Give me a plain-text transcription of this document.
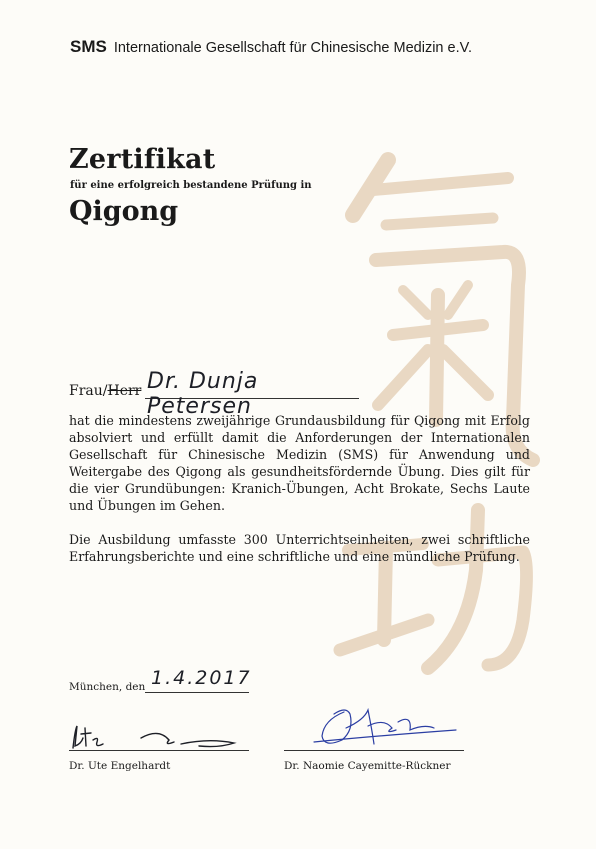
SMS Internationale Gesellschaft für Chinesische Medizin e.V.
Zertifikat
für eine erfolgreich bestandene Prüfung in
Qigong
Frau/Herr Dr. Dunja Petersen

hat die mindestens zweijährige Grundausbildung für Qigong mit Erfolg absolviert und erfüllt damit die Anforderungen der Internationalen Gesellschaft für Chinesische Medizin (SMS) für Anwendung und Weitergabe des Qigong als gesundheitsfördernde Übung. Dies gilt für die vier Grundübungen: Kranich-Übungen, Acht Brokate, Sechs Laute und Übungen im Gehen.

Die Ausbildung umfasste 300 Unterrichtseinheiten, zwei schriftliche Erfahrungsberichte und eine schriftliche und eine mündliche Prüfung.

München, den 1.4.2017
Dr. Ute Engelhardt	Dr. Naomie Cayemitte-Rückner
